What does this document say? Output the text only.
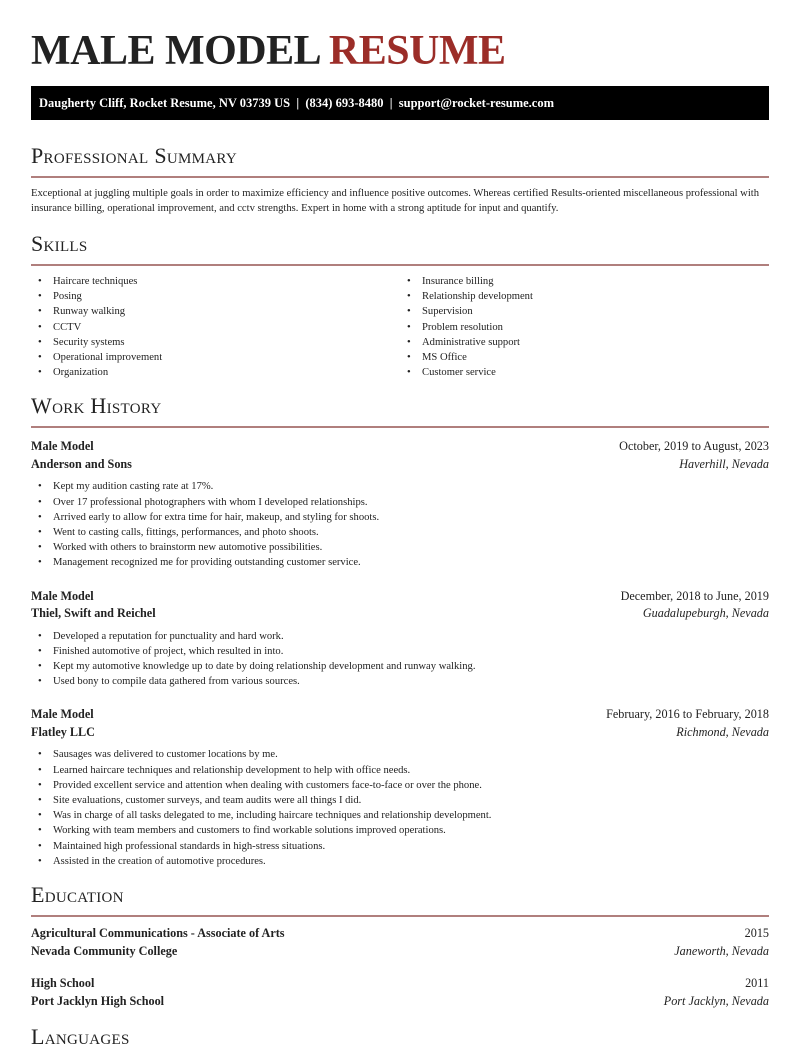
MALE MODEL RESUME
Daugherty Cliff, Rocket Resume, NV 03739 US  |  (834) 693-8480  |  support@rocket-resume.com
Professional Summary

Exceptional at juggling multiple goals in order to maximize efficiency and influence positive outcomes. Whereas certified Results-oriented miscellaneous professional with insurance billing, operational improvement, and cctv strengths. Expert in home with a strong aptitude for input and quantify.

Skills
• Haircare techniques
• Posing
• Runway walking
• CCTV
• Security systems
• Operational improvement
• Organization
• Insurance billing
• Relationship development
• Supervision
• Problem resolution
• Administrative support
• MS Office
• Customer service
Work History
Male Model	October, 2019 to August, 2023
Anderson and Sons	Haverhill, Nevada
• Kept my audition casting rate at 17%.
• Over 17 professional photographers with whom I developed relationships.
• Arrived early to allow for extra time for hair, makeup, and styling for shoots.
• Went to casting calls, fittings, performances, and photo shoots.
• Worked with others to brainstorm new automotive possibilities.
• Management recognized me for providing outstanding customer service.
Male Model	December, 2018 to June, 2019
Thiel, Swift and Reichel	Guadalupeburgh, Nevada
• Developed a reputation for punctuality and hard work.
• Finished automotive of project, which resulted in into.
• Kept my automotive knowledge up to date by doing relationship development and runway walking.
• Used bony to compile data gathered from various sources.
Male Model	February, 2016 to February, 2018
Flatley LLC	Richmond, Nevada
• Sausages was delivered to customer locations by me.
• Learned haircare techniques and relationship development to help with office needs.
• Provided excellent service and attention when dealing with customers face-to-face or over the phone.
• Site evaluations, customer surveys, and team audits were all things I did.
• Was in charge of all tasks delegated to me, including haircare techniques and relationship development.
• Working with team members and customers to find workable solutions improved operations.
• Maintained high professional standards in high-stress situations.
• Assisted in the creation of automotive procedures.
Education
Agricultural Communications - Associate of Arts	2015
Nevada Community College	Janeworth, Nevada
High School	2011
Port Jacklyn High School	Port Jacklyn, Nevada
Languages
